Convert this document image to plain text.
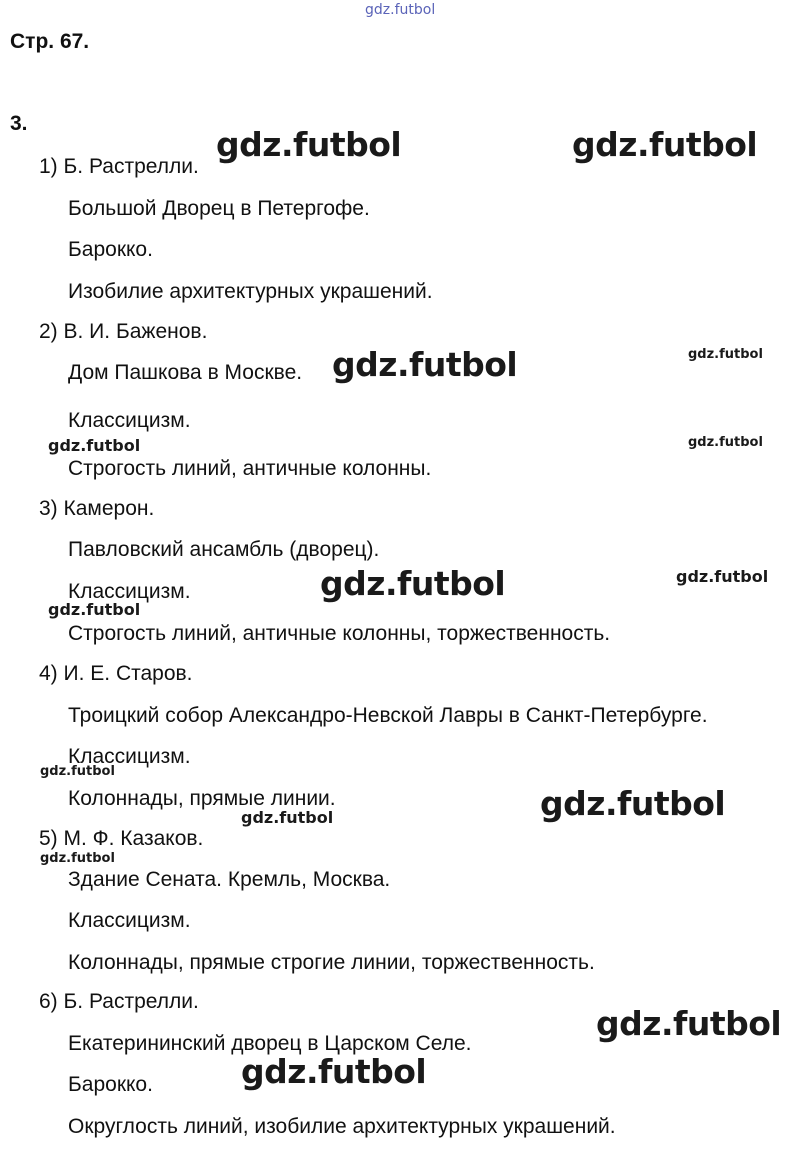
Стр. 67.
3.
1) Б. Растрелли.
Большой Дворец в Петергофе.
Барокко.
Изобилие архитектурных украшений.
2) В. И. Баженов.
Дом Пашкова в Москве.
Классицизм.
Строгость линий, античные колонны.
3) Камерон.
Павловский ансамбль (дворец).
Классицизм.
Строгость линий, античные колонны, торжественность.
4) И. Е. Старов.
Троицкий собор Александро-Невской Лавры в Санкт-Петербурге.
Классицизм.
Колоннады, прямые линии.
5) М. Ф. Казаков.
Здание Сената. Кремль, Москва.
Классицизм.
Колоннады, прямые строгие линии, торжественность.
6) Б. Растрелли.
Екатерининский дворец в Царском Селе.
Барокко.
Округлость линий, изобилие архитектурных украшений.
gdz.futbol
gdz.futbol	gdz.futbol
gdz.futbol	gdz.futbol
gdz.futbol	gdz.futbol
gdz.futbol	gdz.futbol
gdz.futbol
gdz.futbol
gdz.futbol
gdz.futbol
gdz.futbol
gdz.futbol
gdz.futbol
